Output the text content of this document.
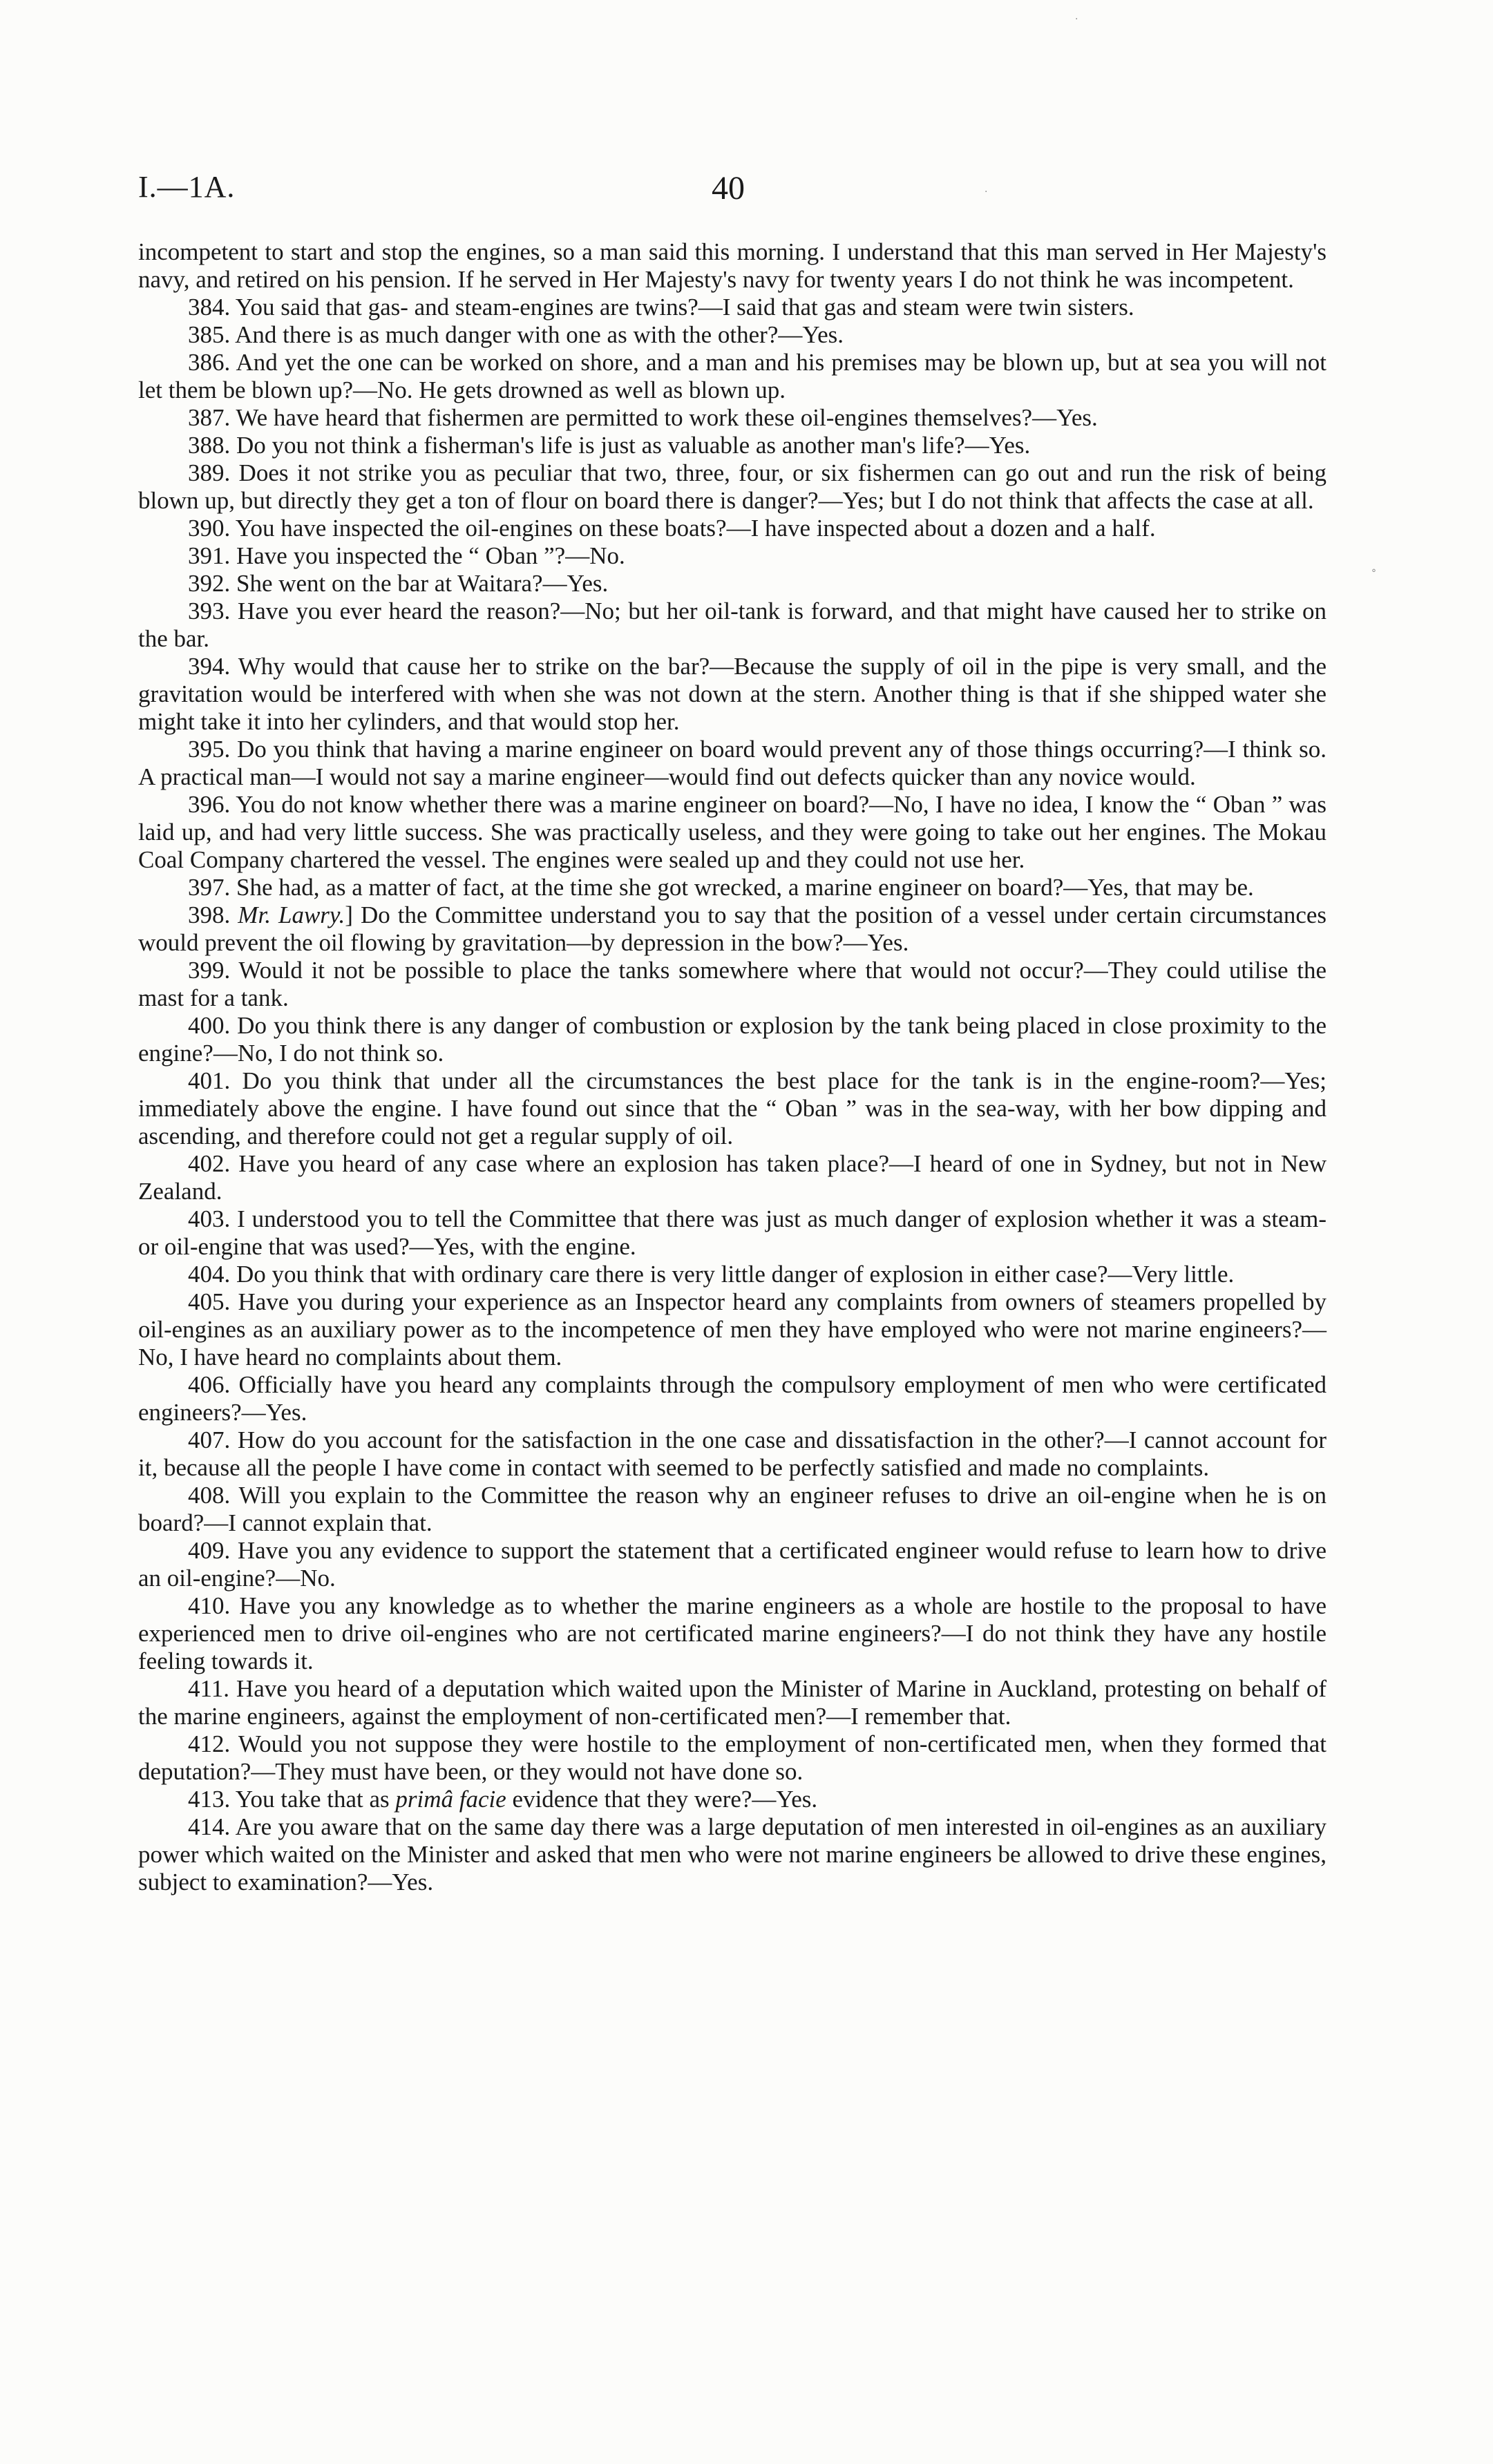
·
·
°
I.—1A.	40

incompetent to start and stop the engines, so a man said this morning. I understand that this man served in Her Majesty's navy, and retired on his pension. If he served in Her Majesty's navy for twenty years I do not think he was incompetent.

384. You said that gas- and steam-engines are twins?—I said that gas and steam were twin sisters.

385. And there is as much danger with one as with the other?—Yes.

386. And yet the one can be worked on shore, and a man and his premises may be blown up, but at sea you will not let them be blown up?—No. He gets drowned as well as blown up.

387. We have heard that fishermen are permitted to work these oil-engines themselves?—Yes.

388. Do you not think a fisherman's life is just as valuable as another man's life?—Yes.

389. Does it not strike you as peculiar that two, three, four, or six fishermen can go out and run the risk of being blown up, but directly they get a ton of flour on board there is danger?—Yes; but I do not think that affects the case at all.

390. You have inspected the oil-engines on these boats?—I have inspected about a dozen and a half.

391. Have you inspected the “ Oban ”?—No.

392. She went on the bar at Waitara?—Yes.

393. Have you ever heard the reason?—No; but her oil-tank is forward, and that might have caused her to strike on the bar.

394. Why would that cause her to strike on the bar?—Because the supply of oil in the pipe is very small, and the gravitation would be interfered with when she was not down at the stern. Another thing is that if she shipped water she might take it into her cylinders, and that would stop her.

395. Do you think that having a marine engineer on board would prevent any of those things occurring?—I think so. A practical man—I would not say a marine engineer—would find out defects quicker than any novice would.

396. You do not know whether there was a marine engineer on board?—No, I have no idea, I know the “ Oban ” was laid up, and had very little success. She was practically useless, and they were going to take out her engines. The Mokau Coal Company chartered the vessel. The engines were sealed up and they could not use her.

397. She had, as a matter of fact, at the time she got wrecked, a marine engineer on board?—Yes, that may be.

398. Mr. Lawry.] Do the Committee understand you to say that the position of a vessel under certain circumstances would prevent the oil flowing by gravitation—by depression in the bow?—Yes.

399. Would it not be possible to place the tanks somewhere where that would not occur?—They could utilise the mast for a tank.

400. Do you think there is any danger of combustion or explosion by the tank being placed in close proximity to the engine?—No, I do not think so.

401. Do you think that under all the circumstances the best place for the tank is in the engine-room?—Yes; immediately above the engine. I have found out since that the “ Oban ” was in the sea-way, with her bow dipping and ascending, and therefore could not get a regular supply of oil.

402. Have you heard of any case where an explosion has taken place?—I heard of one in Sydney, but not in New Zealand.

403. I understood you to tell the Committee that there was just as much danger of explosion whether it was a steam- or oil-engine that was used?—Yes, with the engine.

404. Do you think that with ordinary care there is very little danger of explosion in either case?—Very little.

405. Have you during your experience as an Inspector heard any complaints from owners of steamers propelled by oil-engines as an auxiliary power as to the incompetence of men they have employed who were not marine engineers?—No, I have heard no complaints about them.

406. Officially have you heard any complaints through the compulsory employment of men who were certificated engineers?—Yes.

407. How do you account for the satisfaction in the one case and dissatisfaction in the other?—I cannot account for it, because all the people I have come in contact with seemed to be perfectly satisfied and made no complaints.

408. Will you explain to the Committee the reason why an engineer refuses to drive an oil-engine when he is on board?—I cannot explain that.

409. Have you any evidence to support the statement that a certificated engineer would refuse to learn how to drive an oil-engine?—No.

410. Have you any knowledge as to whether the marine engineers as a whole are hostile to the proposal to have experienced men to drive oil-engines who are not certificated marine engineers?—I do not think they have any hostile feeling towards it.

411. Have you heard of a deputation which waited upon the Minister of Marine in Auckland, protesting on behalf of the marine engineers, against the employment of non-certificated men?—I remember that.

412. Would you not suppose they were hostile to the employment of non-certificated men, when they formed that deputation?—They must have been, or they would not have done so.

413. You take that as primâ facie evidence that they were?—Yes.

414. Are you aware that on the same day there was a large deputation of men interested in oil-engines as an auxiliary power which waited on the Minister and asked that men who were not marine engineers be allowed to drive these engines, subject to examination?—Yes.
